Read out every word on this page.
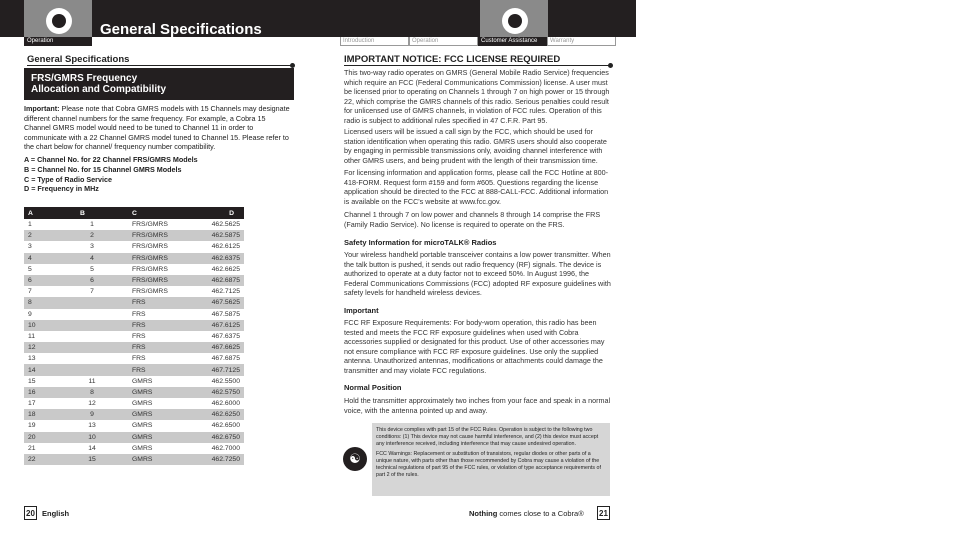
General Specifications
Operation	Introduction	Operation	Customer Assistance	Warranty
General Specifications
FRS/GMRS Frequency
Allocation and Compatibility
Important: Please note that Cobra GMRS models with 15 Channels may designate different channel numbers for the same frequency. For example, a Cobra 15 Channel GMRS model would need to be tuned to Channel 11 in order to communicate with a 22 Channel GMRS model tuned to Channel 15. Please refer to the chart below for channel/ frequency number compatibility.
A = Channel No. for 22 Channel FRS/GMRS Models
B = Channel No. for 15 Channel GMRS Models
C = Type of Radio Service
D = Frequency in MHz
A	B	C	D
1	1	FRS/GMRS	462.5625
2	2	FRS/GMRS	462.5875
3	3	FRS/GMRS	462.6125
4	4	FRS/GMRS	462.6375
5	5	FRS/GMRS	462.6625
6	6	FRS/GMRS	462.6875
7	7	FRS/GMRS	462.7125
8		FRS	467.5625
9		FRS	467.5875
10		FRS	467.6125
11		FRS	467.6375
12		FRS	467.6625
13		FRS	467.6875
14		FRS	467.7125
15	11	GMRS	462.5500
16	8	GMRS	462.5750
17	12	GMRS	462.6000
18	9	GMRS	462.6250
19	13	GMRS	462.6500
20	10	GMRS	462.6750
21	14	GMRS	462.7000
22	15	GMRS	462.7250
20 English
IMPORTANT NOTICE: FCC LICENSE REQUIRED
This two-way radio operates on GMRS (General Mobile Radio Service) frequencies which require an FCC (Federal Communications Commission) license. A user must be licensed prior to operating on Channels 1 through 7 on high power or 15 through 22, which comprise the GMRS channels of this radio. Serious penalties could result for unlicensed use of GMRS channels, in violation of FCC rules. Operation of this radio is subject to additional rules specified in 47 C.F.R. Part 95.
Licensed users will be issued a call sign by the FCC, which should be used for station identification when operating this radio. GMRS users should also cooperate by engaging in permissible transmissions only, avoiding channel interference with other GMRS users, and being prudent with the length of their transmission time.
For licensing information and application forms, please call the FCC Hotline at 800-418-FORM. Request form #159 and form #605. Questions regarding the license application should be directed to the FCC at 888-CALL-FCC. Additional information is available on the FCC's website at www.fcc.gov.
Channel 1 through 7 on low power and channels 8 through 14 comprise the FRS (Family Radio Service). No license is required to operate on the FRS.
Safety Information for microTALK® Radios
Your wireless handheld portable transceiver contains a low power transmitter. When the talk button is pushed, it sends out radio frequency (RF) signals. The device is authorized to operate at a duty factor not to exceed 50%. In August 1996, the Federal Communications Commissions (FCC) adopted RF exposure guidelines with safety levels for handheld wireless devices.
Important
FCC RF Exposure Requirements: For body-worn operation, this radio has been tested and meets the FCC RF exposure guidelines when used with Cobra accessories supplied or designated for this product. Use of other accessories may not ensure compliance with FCC RF exposure guidelines. Use only the supplied antenna. Unauthorized antennas, modifications or attachments could damage the transmitter and may violate FCC regulations.
Normal Position
Hold the transmitter approximately two inches from your face and speak in a normal voice, with the antenna pointed up and away.
☯
This device complies with part 15 of the FCC Rules. Operation is subject to the following two conditions: (1) This device may not cause harmful interference, and (2) this device must accept any interference received, including interference that may cause undesired operation.
FCC Warnings: Replacement or substitution of transistors, regular diodes or other parts of a unique nature, with parts other than those recommended by Cobra may cause a violation of the technical regulations of part 95 of the FCC rules, or violation of type acceptance requirements of part 2 of the rules.
Nothing comes close to a Cobra® 21
